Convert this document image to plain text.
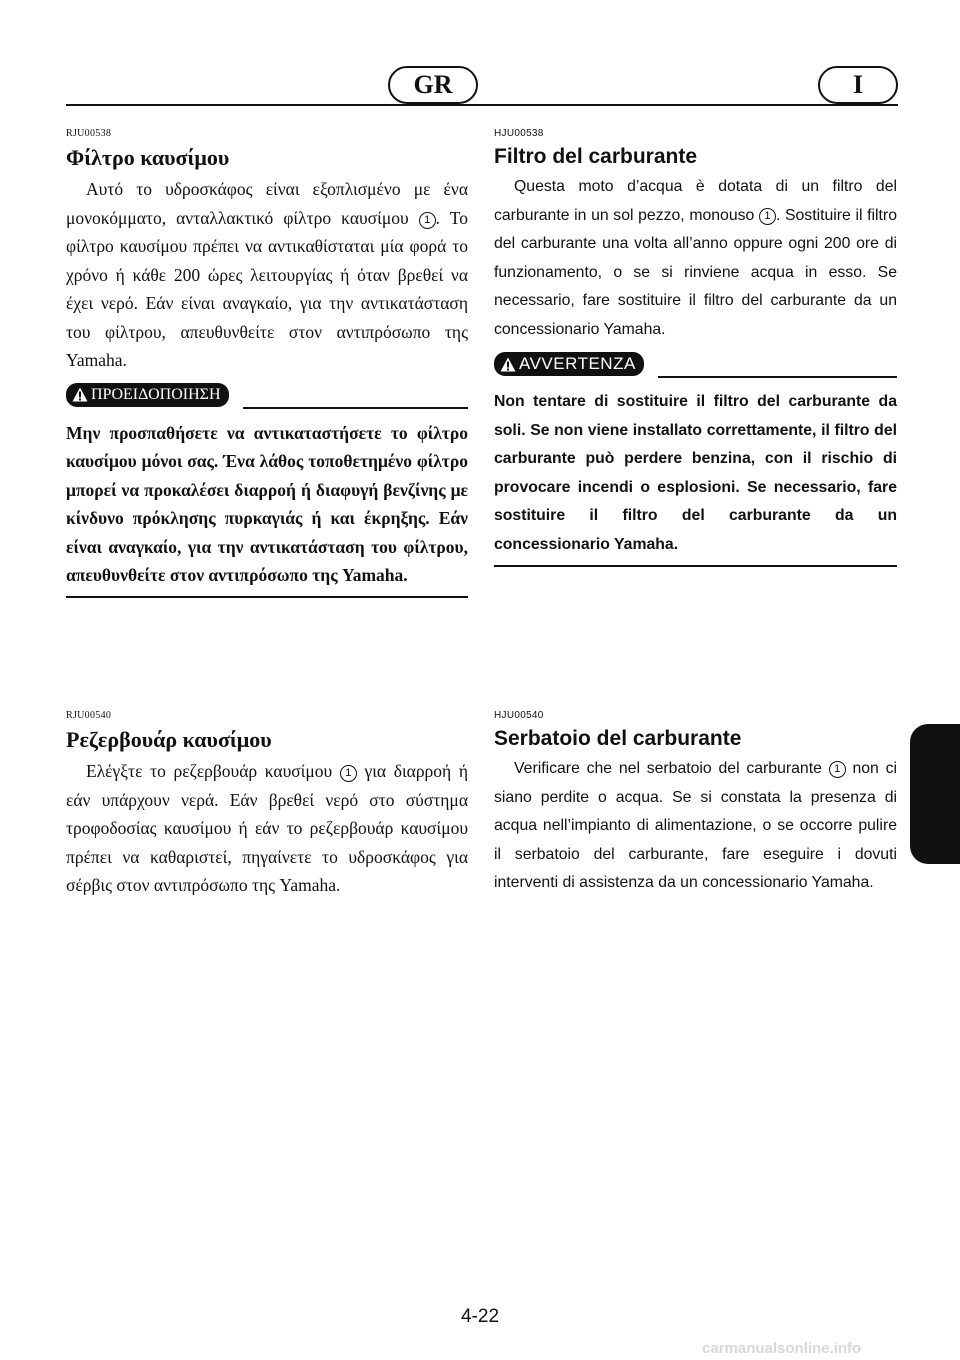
GR	I
RJU00538
Φίλτρο καυσίμου

Αυτό το υδροσκάφος είναι εξοπλισμένο με ένα μονοκόμματο, ανταλλακτικό φίλτρο καυσίμου 1 . Το φίλτρο καυσίμου πρέπει να αντικαθίσταται μία φορά το χρόνο ή κάθε 200 ώρες λειτουργίας ή όταν βρεθεί να έχει νερό. Εάν είναι αναγκαίο, για την αντικατάσταση του φίλτρου, απευθυνθείτε στον αντιπρόσωπο της Yamaha.

ΠΡΟΕΙΔΟΠΟΙΗΣΗ

Μην προσπαθήσετε να αντικαταστήσετε το φίλτρο καυσίμου μόνοι σας. Ένα λάθος τοποθετημένο φίλτρο μπορεί να προκαλέσει διαρροή ή διαφυγή βενζίνης με κίνδυνο πρόκλησης πυρκαγιάς ή και έκρηξης. Εάν είναι αναγκαίο, για την αντικατάσταση του φίλτρου, απευθυνθείτε στον αντιπρόσωπο της Yamaha.

HJU00538
Filtro del carburante

Questa moto d’acqua è dotata di un filtro del carburante in un sol pezzo, monouso 1 . Sostituire il filtro del carburante una volta all’anno oppure ogni 200 ore di funzionamento, o se si rinviene acqua in esso. Se necessario, fare sostituire il filtro del carburante da un concessionario Yamaha.

AVVERTENZA

Non tentare di sostituire il filtro del carburante da soli. Se non viene installato correttamente, il filtro del carburante può perdere benzina, con il rischio di provocare incendi o esplosioni. Se necessario, fare sostituire il filtro del carburante da un concessionario Yamaha.

RJU00540
Ρεζερβουάρ καυσίμου

Ελέγξτε το ρεζερβουάρ καυσίμου 1 για διαρροή ή εάν υπάρχουν νερά. Εάν βρεθεί νερό στο σύστημα τροφοδοσίας καυσίμου ή εάν το ρεζερβουάρ καυσίμου πρέπει να καθαριστεί, πηγαίνετε το υδροσκάφος για σέρβις στον αντιπρόσωπο της Yamaha.

HJU00540
Serbatoio del carburante

Verificare che nel serbatoio del carburante 1 non ci siano perdite o acqua. Se si constata la presenza di acqua nell’impianto di alimentazione, o se occorre pulire il serbatoio del carburante, fare eseguire i dovuti interventi di assistenza da un concessionario Yamaha.

4-22
carmanualsonline.info
